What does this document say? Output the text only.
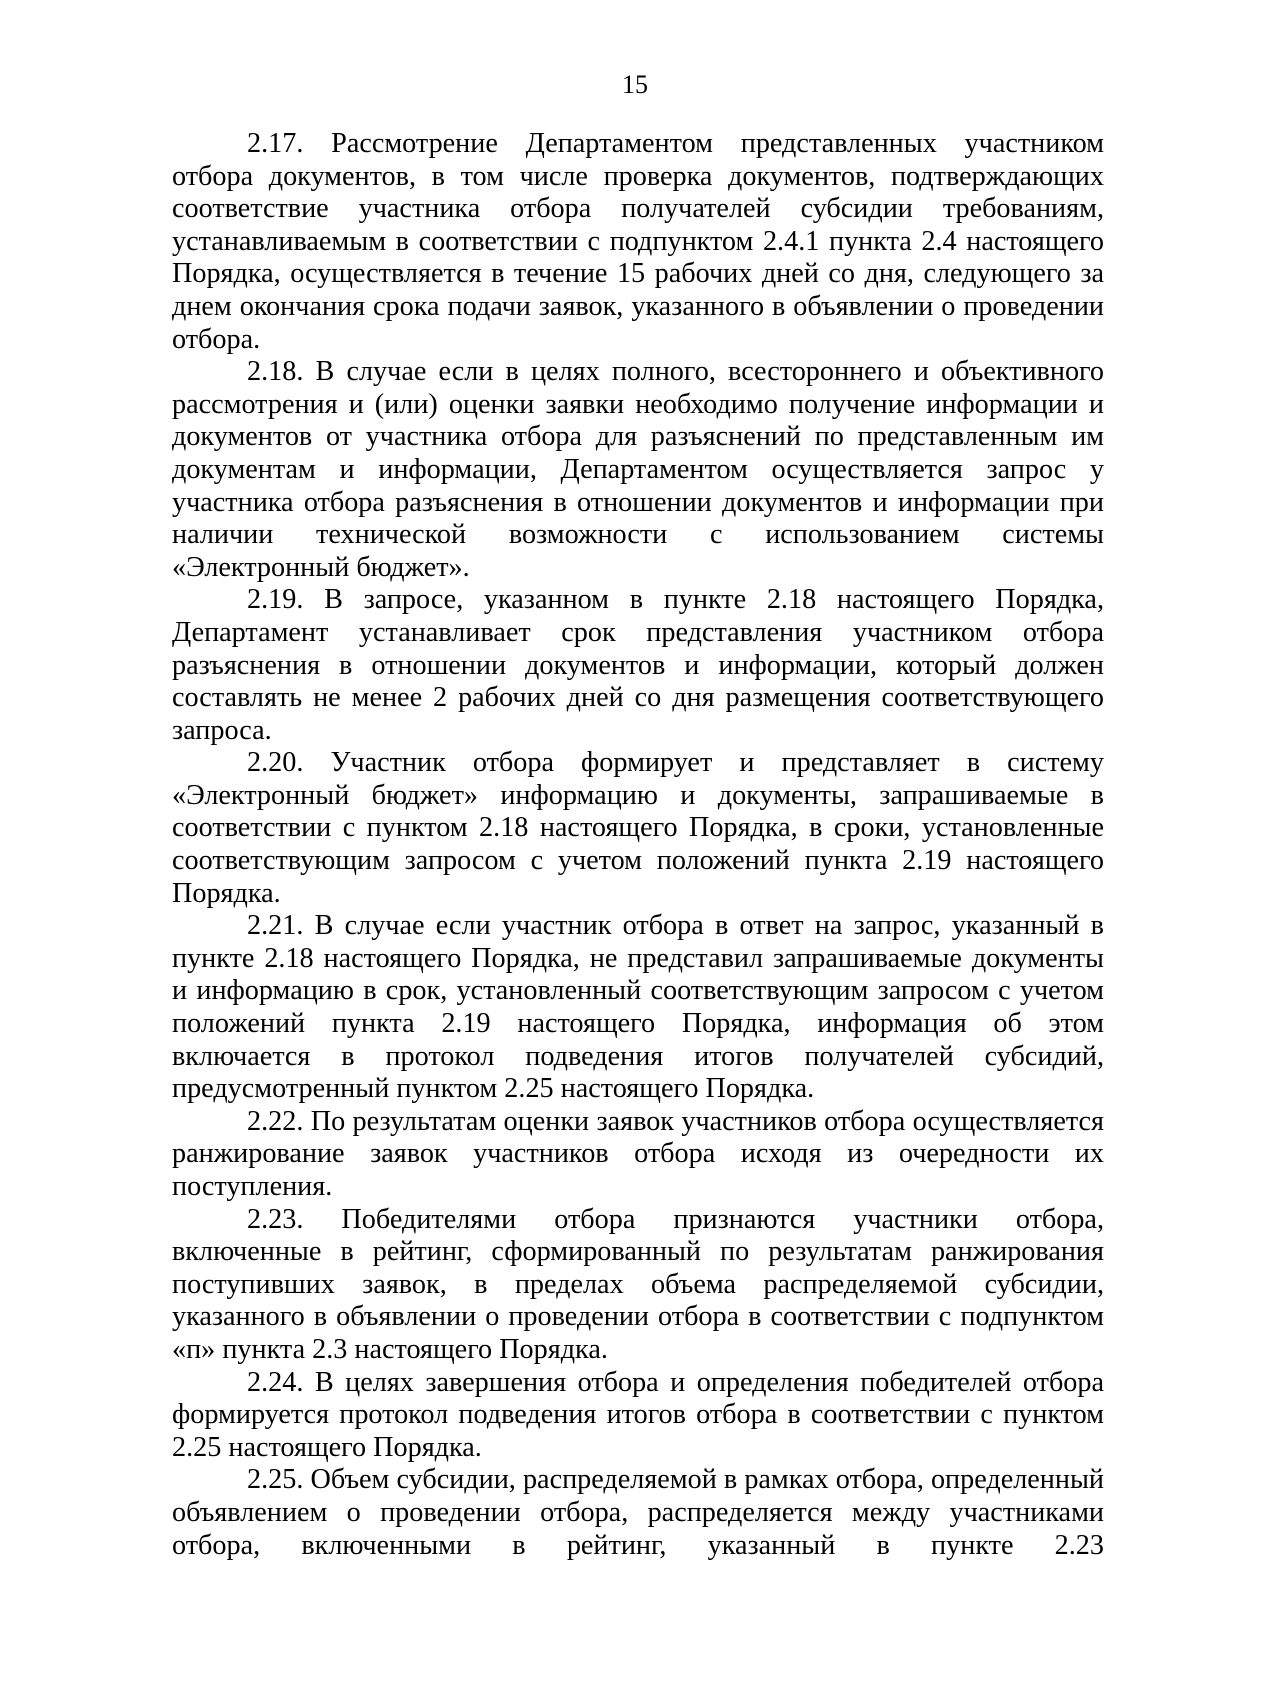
15

2.17. Рассмотрение Департаментом представленных участником отбора документов, в том числе проверка документов, подтверждающих соответствие участника отбора получателей субсидии требованиям, устанавливаемым в соответствии с подпунктом 2.4.1 пункта 2.4 настоящего Порядка, осуществляется в течение 15 рабочих дней со дня, следующего за днем окончания срока подачи заявок, указанного в объявлении о проведении отбора.

2.18. В случае если в целях полного, всестороннего и объективного рассмотрения и (или) оценки заявки необходимо получение информации и документов от участника отбора для разъяснений по представленным им документам и информации, Департаментом осуществляется запрос у участника отбора разъяснения в отношении документов и информации при наличии технической возможности с использованием системы «Электронный бюджет».

2.19. В запросе, указанном в пункте 2.18 настоящего Порядка, Департамент устанавливает срок представления участником отбора разъяснения в отношении документов и информации, который должен составлять не менее 2 рабочих дней со дня размещения соответствующего запроса.

2.20. Участник отбора формирует и представляет в систему «Электронный бюджет» информацию и документы, запрашиваемые в соответствии с пунктом 2.18 настоящего Порядка, в сроки, установленные соответствующим запросом с учетом положений пункта 2.19 настоящего Порядка.

2.21. В случае если участник отбора в ответ на запрос, указанный в пункте 2.18 настоящего Порядка, не представил запрашиваемые документы и информацию в срок, установленный соответствующим запросом с учетом положений пункта 2.19 настоящего Порядка, информация об этом включается в протокол подведения итогов получателей субсидий, предусмотренный пунктом 2.25 настоящего Порядка.

2.22. По результатам оценки заявок участников отбора осуществляется ранжирование заявок участников отбора исходя из очередности их поступления.

2.23. Победителями отбора признаются участники отбора, включенные в рейтинг, сформированный по результатам ранжирования поступивших заявок, в пределах объема распределяемой субсидии, указанного в объявлении о проведении отбора в соответствии с подпунктом «п» пункта 2.3 настоящего Порядка.

2.24. В целях завершения отбора и определения победителей отбора формируется протокол подведения итогов отбора в соответствии с пунктом 2.25 настоящего Порядка.

2.25. Объем субсидии, распределяемой в рамках отбора, определенный объявлением о проведении отбора, распределяется между участниками отбора, включенными в рейтинг, указанный в пункте 2.23
